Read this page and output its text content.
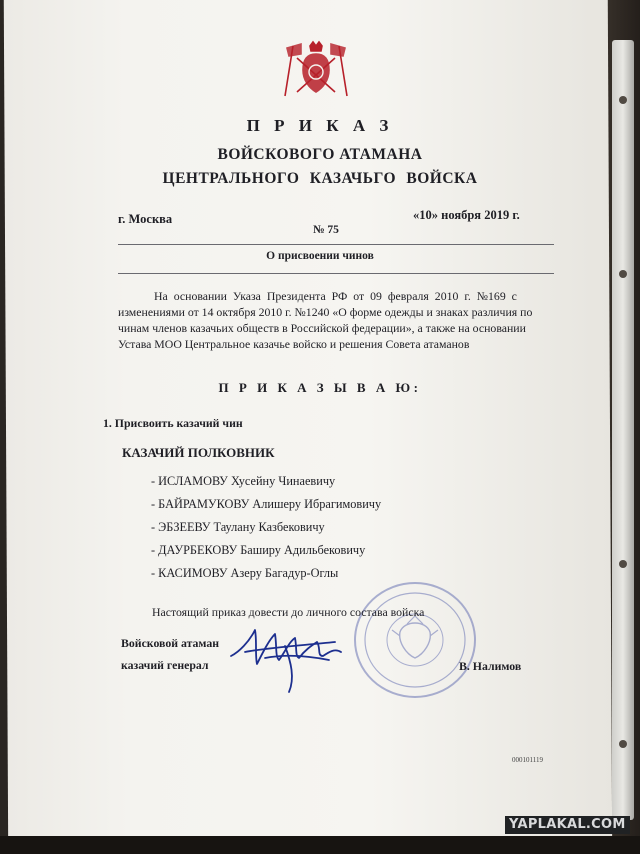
П Р И К А З
ВОЙСКОВОГО АТАМАНА
ЦЕНТРАЛЬНОГО КАЗАЧЬГО ВОЙСКА
г. Москва	«10» ноября 2019 г.
№ 75
О присвоении чинов
На основании Указа Президента РФ от 09 февраля 2010 г. №169 с
изменениями от 14 октября 2010 г. №1240 «О форме одежды и знаках различия по
чинам членов казачьих обществ в Российской федерации», а также на основании
Устава МОО Центральное казачье войско и решения Совета атаманов
П Р И К А З Ы В А Ю:
1. Присвоить казачий чин
КАЗАЧИЙ ПОЛКОВНИК
- ИСЛАМОВУ Хусейну Чинаевичу
- БАЙРАМУКОВУ Алишеру Ибрагимовичу
- ЭБЗЕЕВУ Таулану Казбековичу
- ДАУРБЕКОВУ Баширу Адильбековичу
- КАСИМОВУ Азеру Багадур-Оглы
Настоящий приказ довести до личного состава войска
Войсковой атаман
казачий генерал	В. Налимов
000101119
YAPLAKAL.COM
